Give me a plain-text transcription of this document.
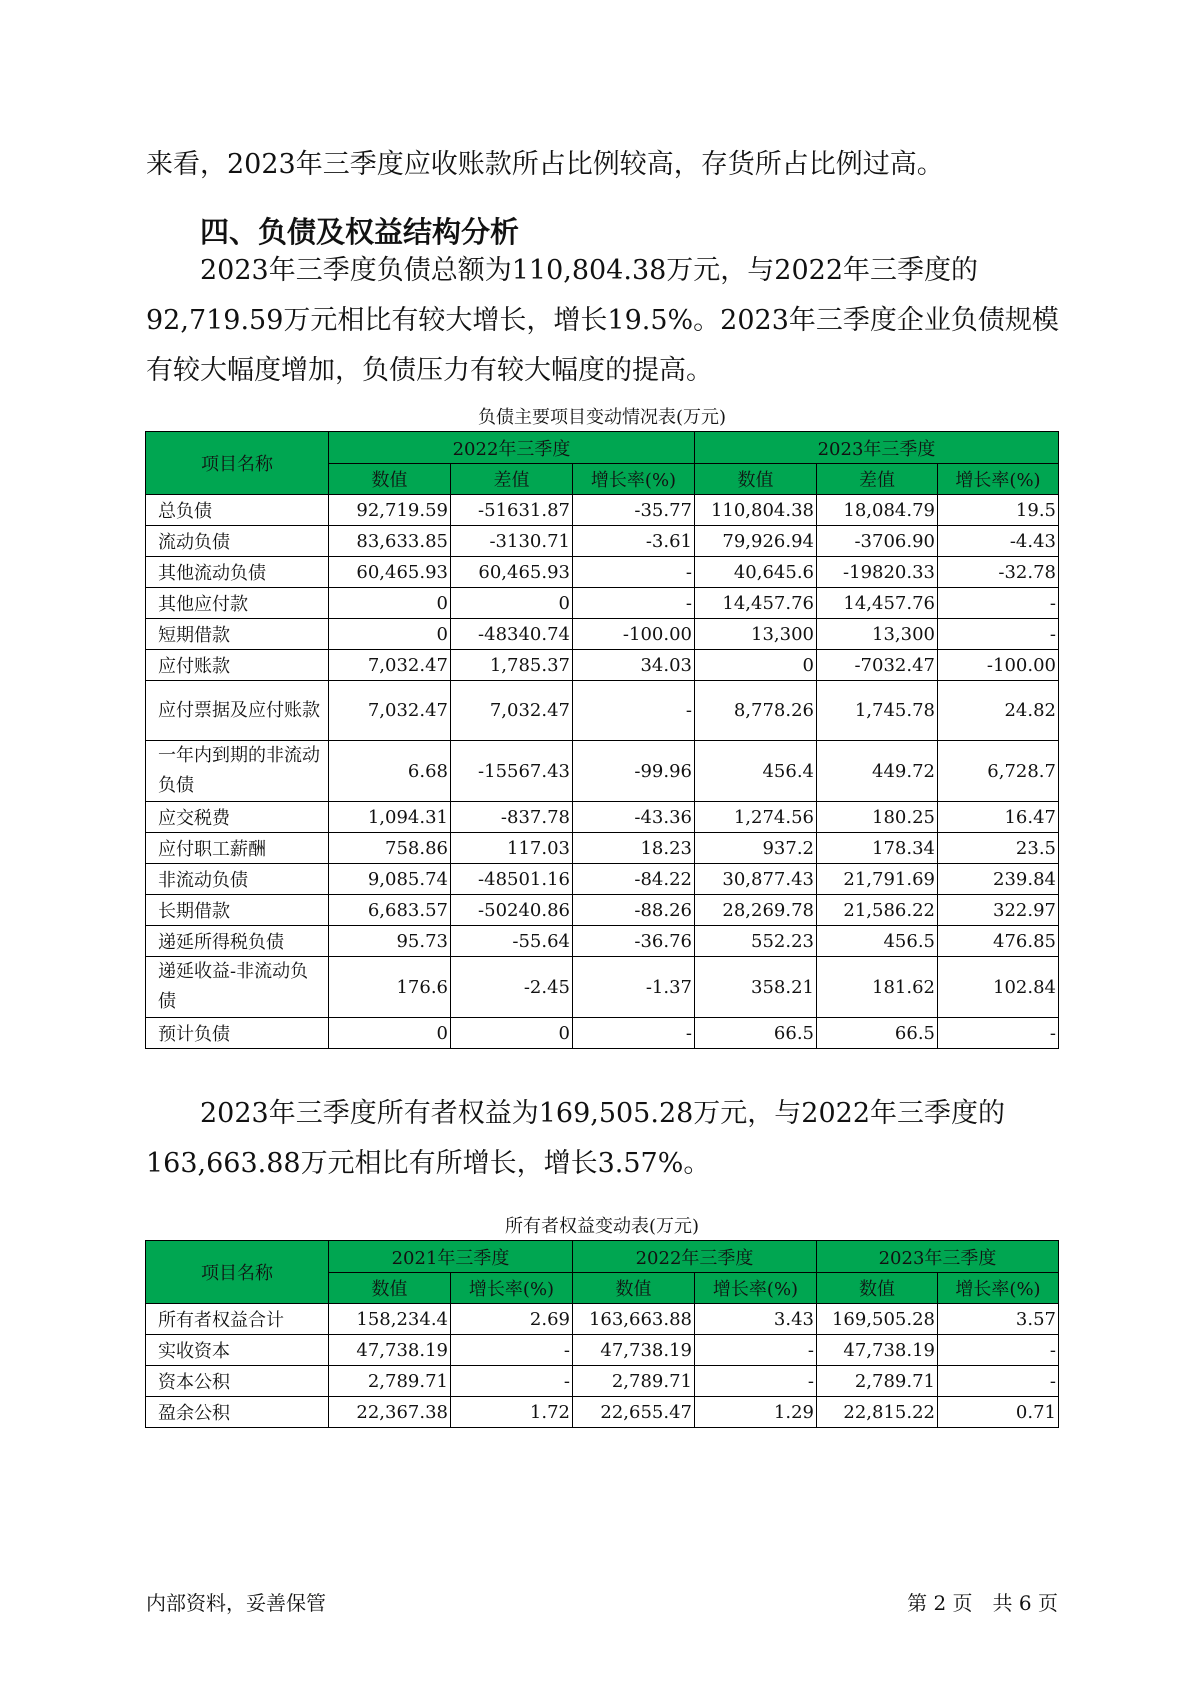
来看，2023年三季度应收账款所占比例较高，存货所占比例过高。

四、负债及权益结构分析

　　2023年三季度负债总额为110,804.38万元，与2022年三季度的92,719.59万元相比有较大增长，增长19.5%。2023年三季度企业负债规模有较大幅度增加，负债压力有较大幅度的提高。

负债主要项目变动情况表(万元)

项目名称	2022年三季度			2023年三季度		
	数值	差值	增长率(%)	数值	差值	增长率(%)
总负债	92,719.59	-51631.87	-35.77	110,804.38	18,084.79	19.5
流动负债	83,633.85	-3130.71	-3.61	79,926.94	-3706.90	-4.43
其他流动负债	60,465.93	60,465.93	-	40,645.6	-19820.33	-32.78
其他应付款	0	0	-	14,457.76	14,457.76	-
短期借款	0	-48340.74	-100.00	13,300	13,300	-
应付账款	7,032.47	1,785.37	34.03	0	-7032.47	-100.00
应付票据及应付账款	7,032.47	7,032.47	-	8,778.26	1,745.78	24.82
一年内到期的非流动负债	6.68	-15567.43	-99.96	456.4	449.72	6,728.7
应交税费	1,094.31	-837.78	-43.36	1,274.56	180.25	16.47
应付职工薪酬	758.86	117.03	18.23	937.2	178.34	23.5
非流动负债	9,085.74	-48501.16	-84.22	30,877.43	21,791.69	239.84
长期借款	6,683.57	-50240.86	-88.26	28,269.78	21,586.22	322.97
递延所得税负债	95.73	-55.64	-36.76	552.23	456.5	476.85
递延收益-非流动负债	176.6	-2.45	-1.37	358.21	181.62	102.84
预计负债	0	0	-	66.5	66.5	-

　　2023年三季度所有者权益为169,505.28万元，与2022年三季度的163,663.88万元相比有所增长，增长3.57%。

所有者权益变动表(万元)

项目名称	2021年三季度		2022年三季度		2023年三季度	
	数值	增长率(%)	数值	增长率(%)	数值	增长率(%)
所有者权益合计	158,234.4	2.69	163,663.88	3.43	169,505.28	3.57
实收资本	47,738.19	-	47,738.19	-	47,738.19	-
资本公积	2,789.71	-	2,789.71	-	2,789.71	-
盈余公积	22,367.38	1.72	22,655.47	1.29	22,815.22	0.71

内部资料，妥善保管	第 2 页　共 6 页
